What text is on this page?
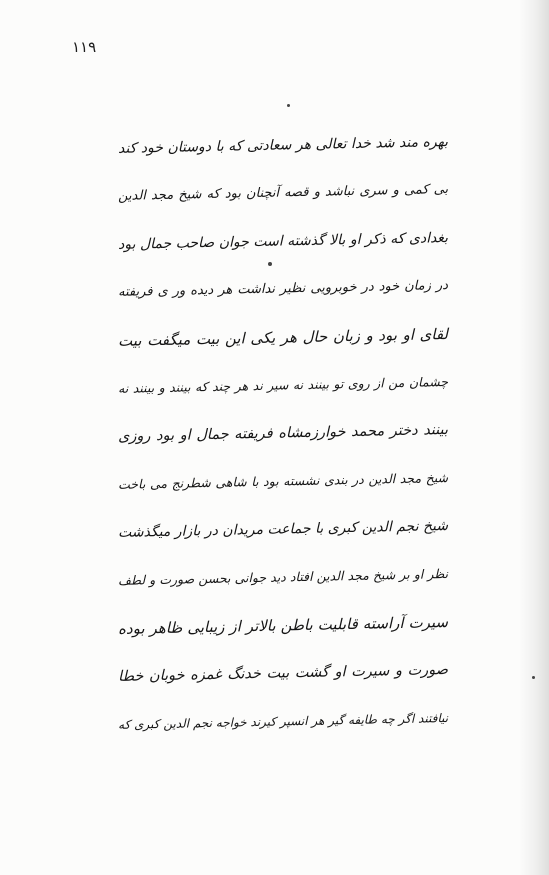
۱۱۹
بهره مند شد خدا تعالی هر سعادتی که با دوستان خود کند
بی کمی و سری نباشد و قصه آنچنان بود که شیخ مجد الدین
بغدادی که ذکر او بالا گذشته است جوان صاحب جمال بود
در زمان خود در خوبرویی نظیر نداشت هر دیده ور ی فریفته
لقای او بود و زبان حال هر یکی این بیت میگفت بیت
چشمان من از روی تو بینند نه سیر ند هر چند که بینند و بینند نه
بینند دختر محمد خوارزمشاه فریفته جمال او بود روزی
شیخ مجد الدین در بندی نشسته بود با شاهی شطرنج می باخت
شیخ نجم الدین کبری با جماعت مریدان در بازار میگذشت
نظر او بر شیخ مجد الدین افتاد دید جوانی بحسن صورت و لطف
سیرت آراسته قابلیت باطن بالاتر از زیبایی ظاهر بوده
صورت و سیرت او گشت بیت خدنگ غمزه خوبان خطا
نیافتند اگر چه طایفه گیر هر انسپر کیرند خواجه نجم الدین کبری که
